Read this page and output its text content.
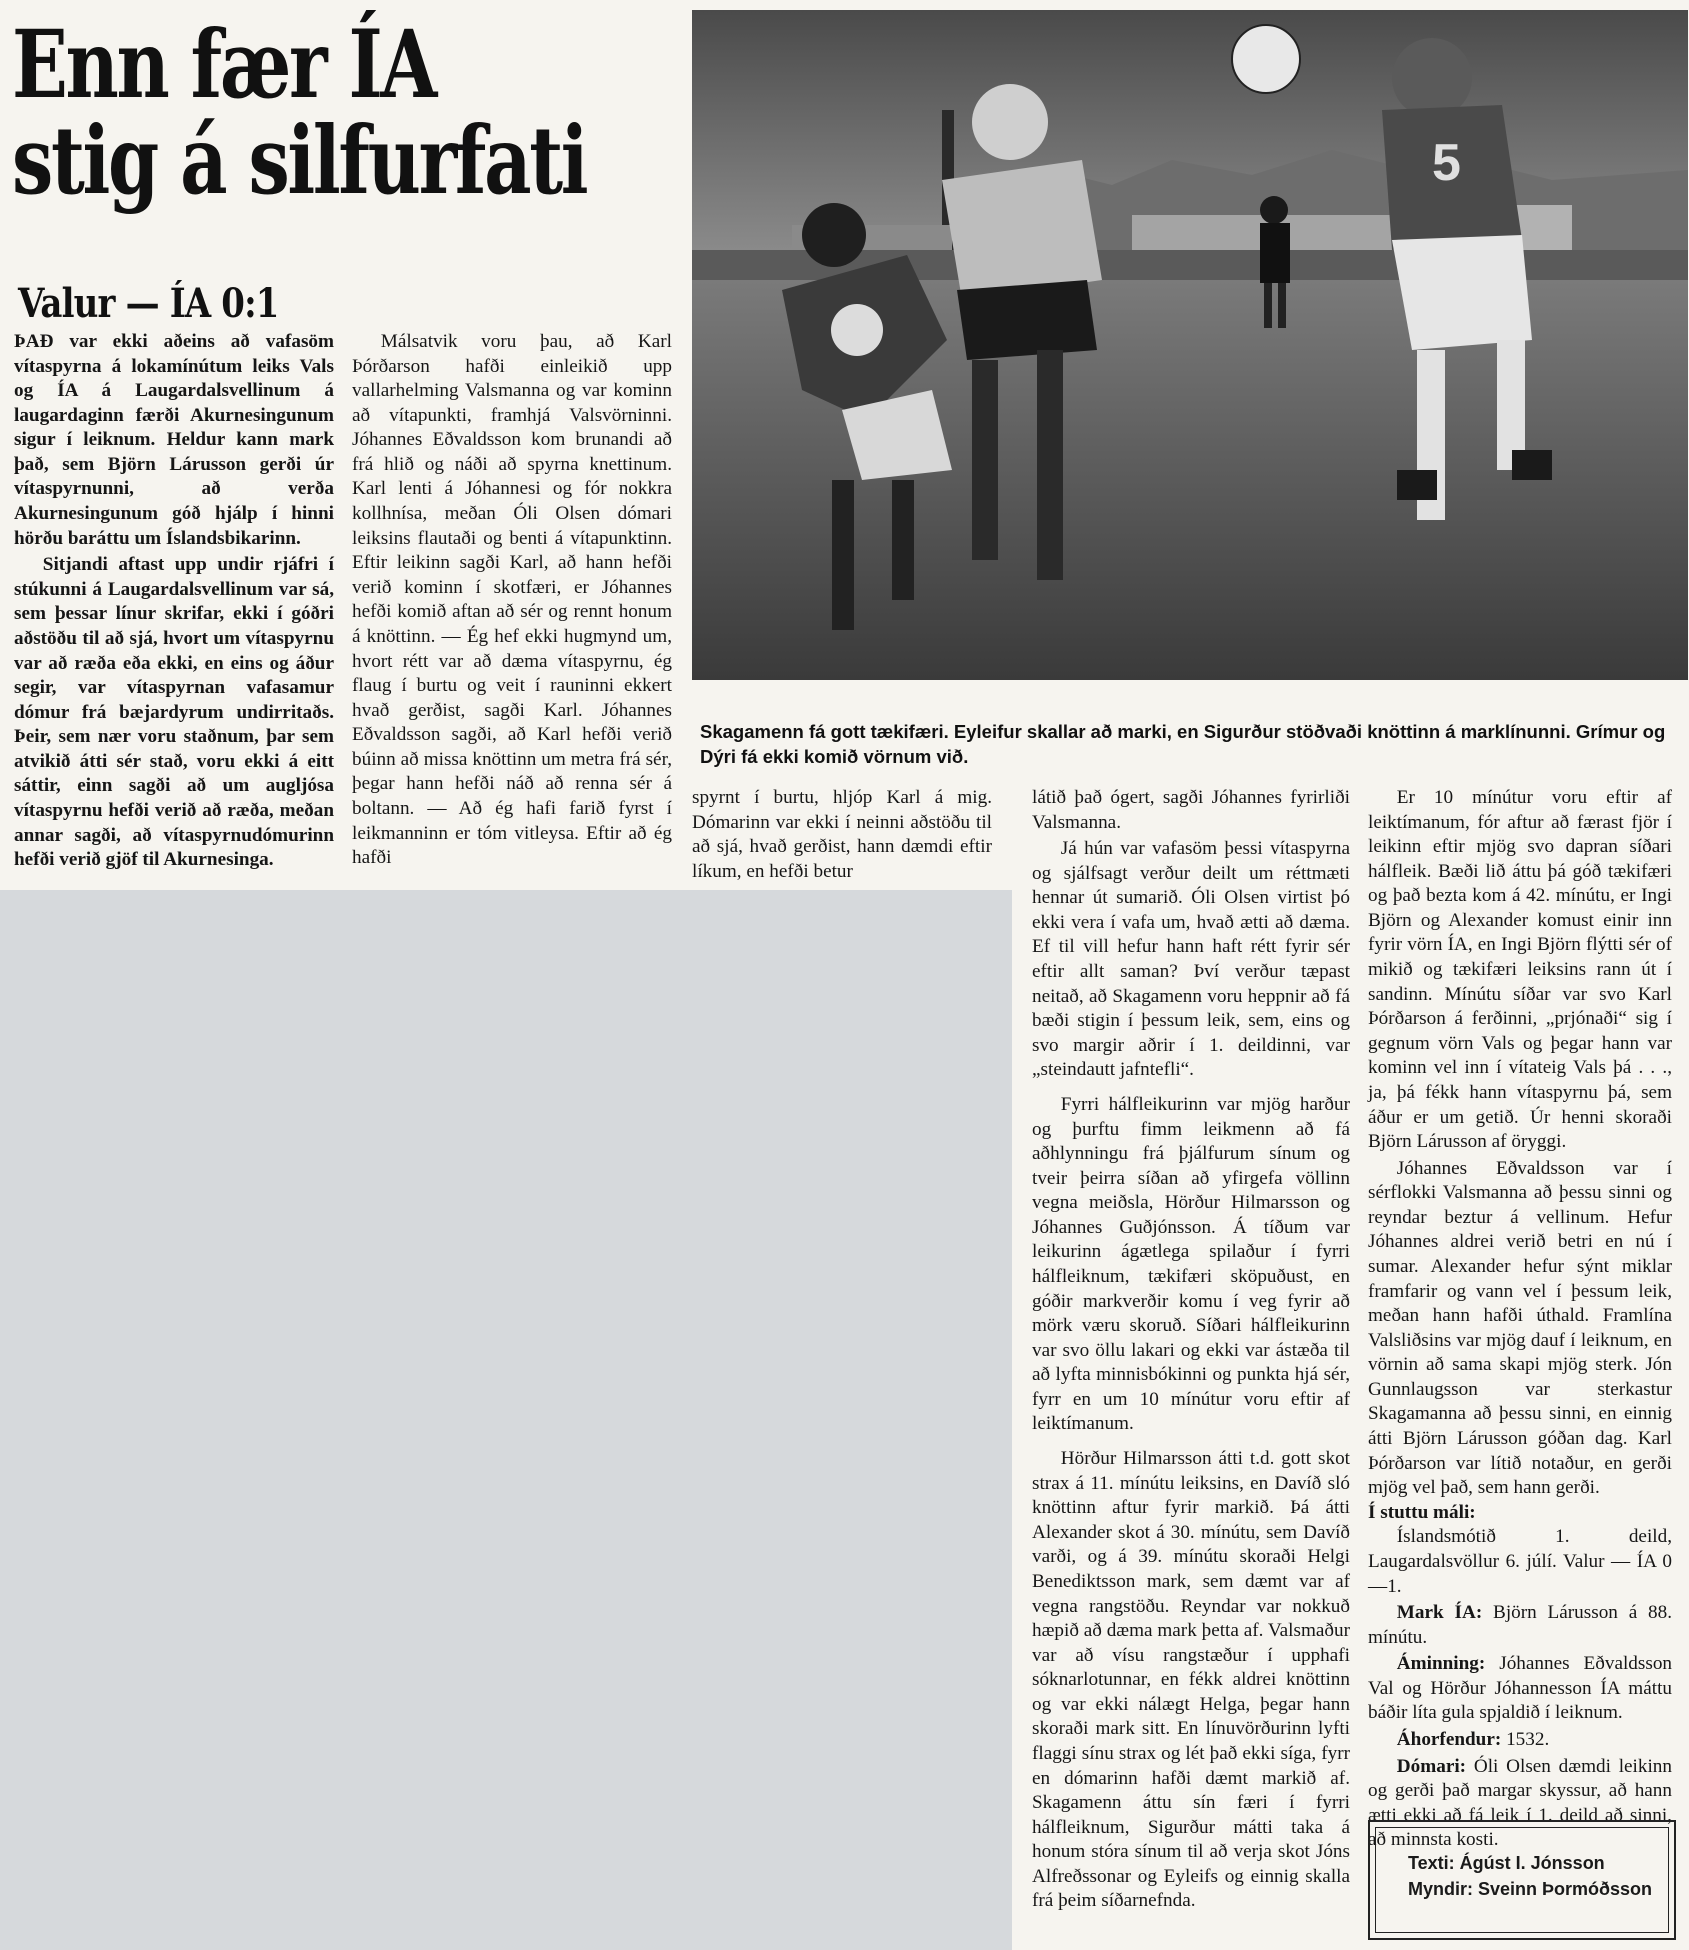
Enn fær ÍA
stig á silfurfati
Valur — ÍA 0:1
5
Skagamenn fá gott tækifæri. Eyleifur skallar að marki, en Sigurður stöðvaði knöttinn á marklínunni. Grímur og Dýri fá ekki komið vörnum við.

ÞAÐ var ekki aðeins að vafasöm vítaspyrna á lokamínútum leiks Vals og ÍA á Laugardalsvellinum á laugardaginn færði Akurnesingunum sigur í leiknum. Heldur kann mark það, sem Björn Lárusson gerði úr vítaspyrnunni, að verða Akurnesingunum góð hjálp í hinni hörðu baráttu um Íslandsbikarinn.

Sitjandi aftast upp undir rjáfri í stúkunni á Laugardalsvellinum var sá, sem þessar línur skrifar, ekki í góðri aðstöðu til að sjá, hvort um vítaspyrnu var að ræða eða ekki, en eins og áður segir, var vítaspyrnan vafasamur dómur frá bæjardyrum undirritaðs. Þeir, sem nær voru staðnum, þar sem atvikið átti sér stað, voru ekki á eitt sáttir, einn sagði að um augljósa vítaspyrnu hefði verið að ræða, meðan annar sagði, að vítaspyrnudómurinn hefði verið gjöf til Akurnesinga.

Málsatvik voru þau, að Karl Þórðarson hafði einleikið upp vallarhelming Valsmanna og var kominn að vítapunkti, framhjá Valsvörninni. Jóhannes Eðvaldsson kom brunandi að frá hlið og náði að spyrna knettinum. Karl lenti á Jóhannesi og fór nokkra kollhnísa, meðan Óli Olsen dómari leiksins flautaði og benti á vítapunktinn. Eftir leikinn sagði Karl, að hann hefði verið kominn í skotfæri, er Jóhannes hefði komið aftan að sér og rennt honum á knöttinn. — Ég hef ekki hugmynd um, hvort rétt var að dæma vítaspyrnu, ég flaug í burtu og veit í rauninni ekkert hvað gerðist, sagði Karl. Jóhannes Eðvaldsson sagði, að Karl hefði verið búinn að missa knöttinn um metra frá sér, þegar hann hefði náð að renna sér á boltann. — Að ég hafi farið fyrst í leikmanninn er tóm vitleysa. Eftir að ég hafði

spyrnt í burtu, hljóp Karl á mig. Dómarinn var ekki í neinni aðstöðu til að sjá, hvað gerðist, hann dæmdi eftir líkum, en hefði betur

látið það ógert, sagði Jóhannes fyrirliði Valsmanna.

Já hún var vafasöm þessi vítaspyrna og sjálfsagt verður deilt um réttmæti hennar út sumarið. Óli Olsen virtist þó ekki vera í vafa um, hvað ætti að dæma. Ef til vill hefur hann haft rétt fyrir sér eftir allt saman? Því verður tæpast neitað, að Skagamenn voru heppnir að fá bæði stigin í þessum leik, sem, eins og svo margir aðrir í 1. deildinni, var „steindautt jafntefli“.

Fyrri hálfleikurinn var mjög harður og þurftu fimm leikmenn að fá aðhlynningu frá þjálfurum sínum og tveir þeirra síðan að yfirgefa völlinn vegna meiðsla, Hörður Hilmarsson og Jóhannes Guðjónsson. Á tíðum var leikurinn ágætlega spilaður í fyrri hálfleiknum, tækifæri sköpuðust, en góðir markverðir komu í veg fyrir að mörk væru skoruð. Síðari hálfleikurinn var svo öllu lakari og ekki var ástæða til að lyfta minnisbókinni og punkta hjá sér, fyrr en um 10 mínútur voru eftir af leiktímanum.

Hörður Hilmarsson átti t.d. gott skot strax á 11. mínútu leiksins, en Davíð sló knöttinn aftur fyrir markið. Þá átti Alexander skot á 30. mínútu, sem Davíð varði, og á 39. mínútu skoraði Helgi Benediktsson mark, sem dæmt var af vegna rangstöðu. Reyndar var nokkuð hæpið að dæma mark þetta af. Valsmaður var að vísu rangstæður í upphafi sóknarlotunnar, en fékk aldrei knöttinn og var ekki nálægt Helga, þegar hann skoraði mark sitt. En línuvörðurinn lyfti flaggi sínu strax og lét það ekki síga, fyrr en dómarinn hafði dæmt markið af. Skagamenn áttu sín færi í fyrri hálfleiknum, Sigurður mátti taka á honum stóra sínum til að verja skot Jóns Alfreðssonar og Eyleifs og einnig skalla frá þeim síðarnefnda.

Er 10 mínútur voru eftir af leiktímanum, fór aftur að færast fjör í leikinn eftir mjög svo dapran síðari hálfleik. Bæði lið áttu þá góð tækifæri og það bezta kom á 42. mínútu, er Ingi Björn og Alexander komust einir inn fyrir vörn ÍA, en Ingi Björn flýtti sér of mikið og tækifæri leiksins rann út í sandinn. Mínútu síðar var svo Karl Þórðarson á ferðinni, „prjónaði“ sig í gegnum vörn Vals og þegar hann var kominn vel inn í vítateig Vals þá . . ., ja, þá fékk hann vítaspyrnu þá, sem áður er um getið. Úr henni skoraði Björn Lárusson af öryggi.

Jóhannes Eðvaldsson var í sérflokki Valsmanna að þessu sinni og reyndar beztur á vellinum. Hefur Jóhannes aldrei verið betri en nú í sumar. Alexander hefur sýnt miklar framfarir og vann vel í þessum leik, meðan hann hafði úthald. Framlína Valsliðsins var mjög dauf í leiknum, en vörnin að sama skapi mjög sterk. Jón Gunnlaugsson var sterkastur Skagamanna að þessu sinni, en einnig átti Björn Lárusson góðan dag. Karl Þórðarson var lítið notaður, en gerði mjög vel það, sem hann gerði.

Í stuttu máli:

Íslandsmótið 1. deild, Laugardalsvöllur 6. júlí. Valur — ÍA 0—1.

Mark ÍA: Björn Lárusson á 88. mínútu.

Áminning: Jóhannes Eðvaldsson Val og Hörður Jóhannesson ÍA máttu báðir líta gula spjaldið í leiknum.

Áhorfendur: 1532.

Dómari: Óli Olsen dæmdi leikinn og gerði það margar skyssur, að hann ætti ekki að fá leik í 1. deild að sinni, að minnsta kosti.

Texti: Ágúst I. Jónsson
Myndir: Sveinn Þormóðsson
